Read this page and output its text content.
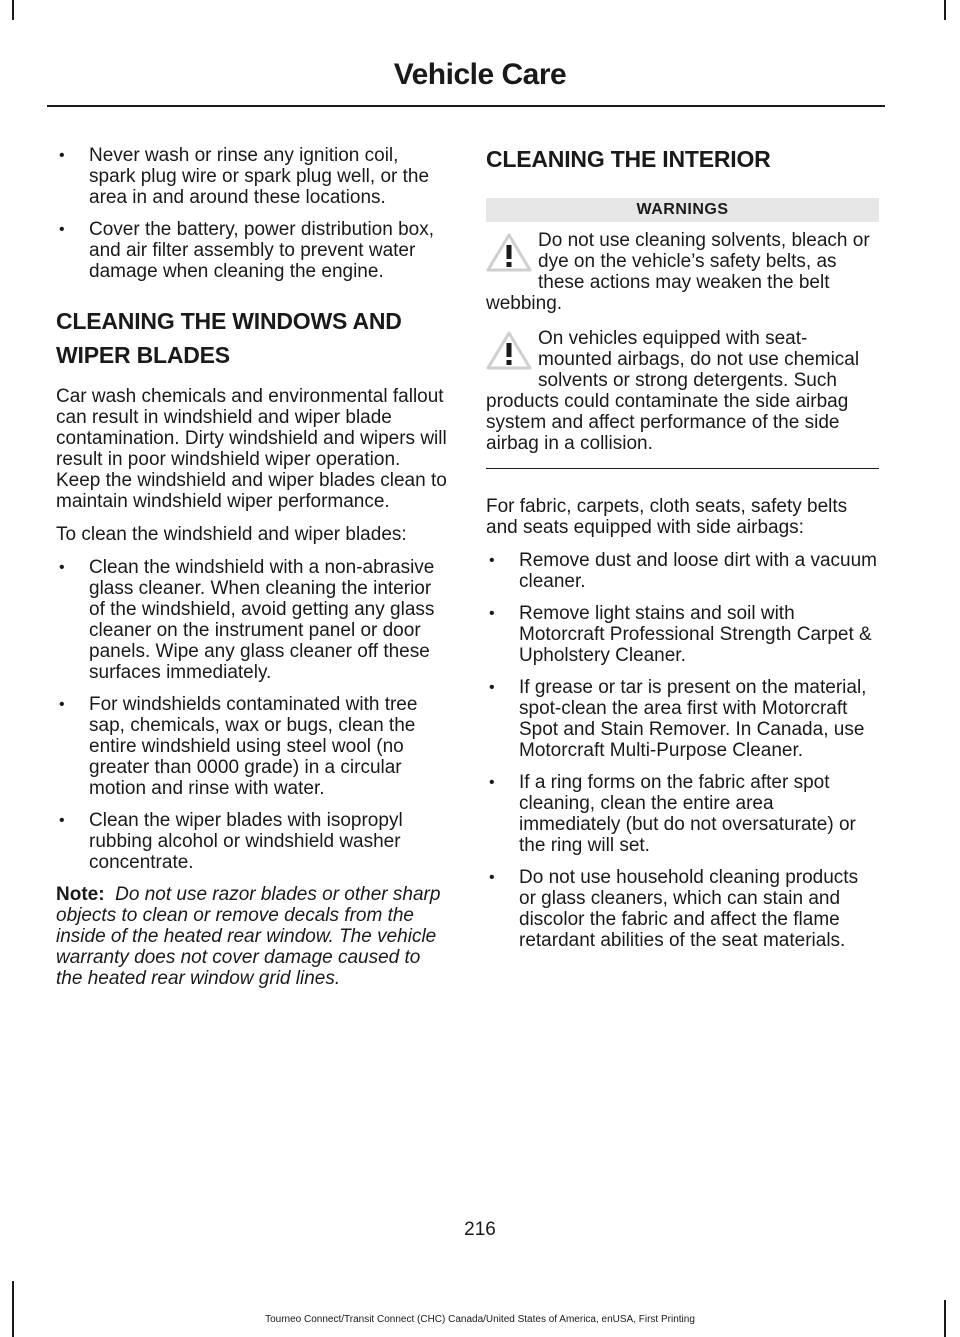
Vehicle Care
• Never wash or rinse any ignition coil, spark plug wire or spark plug well, or the area in and around these locations.
• Cover the battery, power distribution box, and air filter assembly to prevent water damage when cleaning the engine.
CLEANING THE WINDOWS AND
WIPER BLADES

Car wash chemicals and environmental fallout can result in windshield and wiper blade contamination. Dirty windshield and wipers will result in poor windshield wiper operation. Keep the windshield and wiper blades clean to maintain windshield wiper performance.

To clean the windshield and wiper blades:

• Clean the windshield with a non-abrasive glass cleaner. When cleaning the interior of the windshield, avoid getting any glass cleaner on the instrument panel or door panels. Wipe any glass cleaner off these surfaces immediately.
• For windshields contaminated with tree sap, chemicals, wax or bugs, clean the entire windshield using steel wool (no greater than 0000 grade) in a circular motion and rinse with water.
• Clean the wiper blades with isopropyl rubbing alcohol or windshield washer concentrate.

Note: Do not use razor blades or other sharp objects to clean or remove decals from the inside of the heated rear window. The vehicle warranty does not cover damage caused to the heated rear window grid lines.

CLEANING THE INTERIOR
WARNINGS
Do not use cleaning solvents, bleach or dye on the vehicle’s safety belts, as these actions may weaken the belt webbing.
On vehicles equipped with seat-mounted airbags, do not use chemical solvents or strong detergents. Such products could contaminate the side airbag system and affect performance of the side airbag in a collision.

For fabric, carpets, cloth seats, safety belts and seats equipped with side airbags:

• Remove dust and loose dirt with a vacuum cleaner.
• Remove light stains and soil with Motorcraft Professional Strength Carpet & Upholstery Cleaner.
• If grease or tar is present on the material, spot-clean the area first with Motorcraft Spot and Stain Remover. In Canada, use Motorcraft Multi-Purpose Cleaner.
• If a ring forms on the fabric after spot cleaning, clean the entire area immediately (but do not oversaturate) or the ring will set.
• Do not use household cleaning products or glass cleaners, which can stain and discolor the fabric and affect the flame retardant abilities of the seat materials.
216
Tourneo Connect/Transit Connect (CHC) Canada/United States of America, enUSA, First Printing
